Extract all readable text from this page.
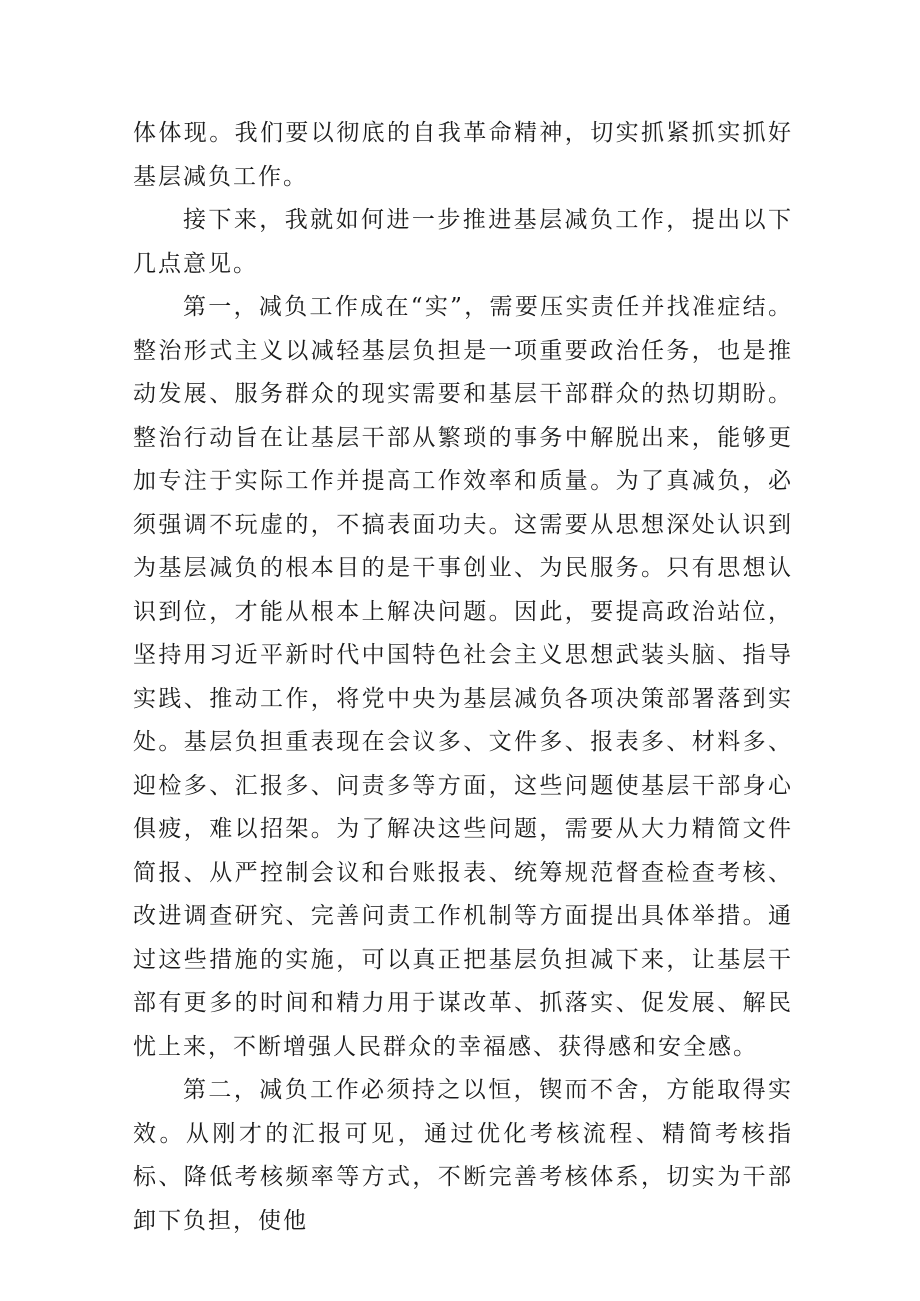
体体现。我们要以彻底的自我革命精神，切实抓紧抓实抓好基层减负工作。

接下来，我就如何进一步推进基层减负工作，提出以下几点意见。

第一，减负工作成在“实”，需要压实责任并找准症结。整治形式主义以减轻基层负担是一项重要政治任务，也是推动发展、服务群众的现实需要和基层干部群众的热切期盼。整治行动旨在让基层干部从繁琐的事务中解脱出来，能够更加专注于实际工作并提高工作效率和质量。为了真减负，必须强调不玩虚的，不搞表面功夫。这需要从思想深处认识到为基层减负的根本目的是干事创业、为民服务。只有思想认识到位，才能从根本上解决问题。因此，要提高政治站位，坚持用习近平新时代中国特色社会主义思想武装头脑、指导实践、推动工作，将党中央为基层减负各项决策部署落到实处。基层负担重表现在会议多、文件多、报表多、材料多、迎检多、汇报多、问责多等方面，这些问题使基层干部身心俱疲，难以招架。为了解决这些问题，需要从大力精简文件简报、从严控制会议和台账报表、统筹规范督查检查考核、改进调查研究、完善问责工作机制等方面提出具体举措。通过这些措施的实施，可以真正把基层负担减下来，让基层干部有更多的时间和精力用于谋改革、抓落实、促发展、解民忧上来，不断增强人民群众的幸福感、获得感和安全感。

第二，减负工作必须持之以恒，锲而不舍，方能取得实效。从刚才的汇报可见，通过优化考核流程、精简考核指标、降低考核频率等方式，不断完善考核体系，切实为干部卸下负担，使他
